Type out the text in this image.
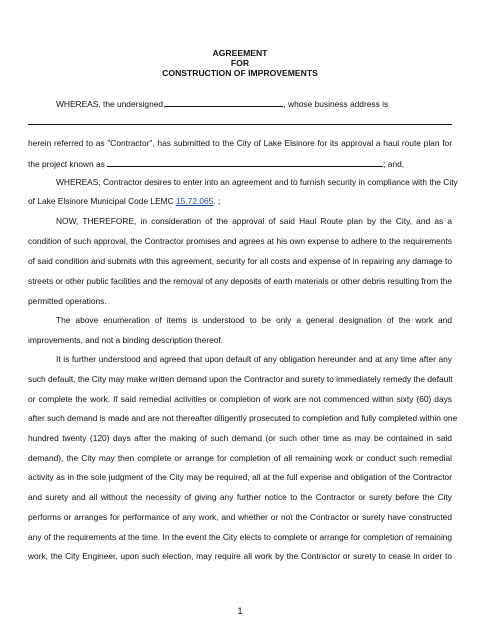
AGREEMENT

FOR

CONSTRUCTION OF IMPROVEMENTS

WHEREAS, the undersigned,	, whose business address is

herein referred to as "Contractor", has submitted to the City of Lake Elsinore for its approval a haul route plan for

the project known as	; and,

WHEREAS, Contractor desires to enter into an agreement and to furnish security in compliance with the City

of Lake Elsinore Municipal Code LEMC 15.72.065. ;

NOW, THEREFORE, in consideration of the approval of said Haul Route plan by the City, and as a

condition of such approval, the Contractor promises and agrees at his own expense to adhere to the requirements

of said condition and submits with this agreement, security for all costs and expense of in repairing any damage to

streets or other public facilities and the removal of any deposits of earth materials or other debris resulting from the

permitted operations.

The above enumeration of items is understood to be only a general designation of the work and

improvements, and not a binding description thereof.

It is further understood and agreed that upon default of any obligation hereunder and at any time after any

such default, the City may make written demand upon the Contractor and surety to immediately remedy the default

or complete the work. If said remedial activities or completion of work are not commenced within sixty (60) days

after such demand is made and are not thereafter diligently prosecuted to completion and fully completed within one

hundred twenty (120) days after the making of such demand (or such other time as may be contained in said

demand), the City may then complete or arrange for completion of all remaining work or conduct such remedial

activity as in the sole judgment of the City may be required, all at the full expense and obligation of the Contractor

and surety and all without the necessity of giving any further notice to the Contractor or surety before the City

performs or arranges for performance of any work, and whether or not the Contractor or surety have constructed

any of the requirements at the time. In the event the City elects to complete or arrange for completion of remaining

work, the City Engineer, upon such election, may require all work by the Contractor or surety to cease in order to

1
